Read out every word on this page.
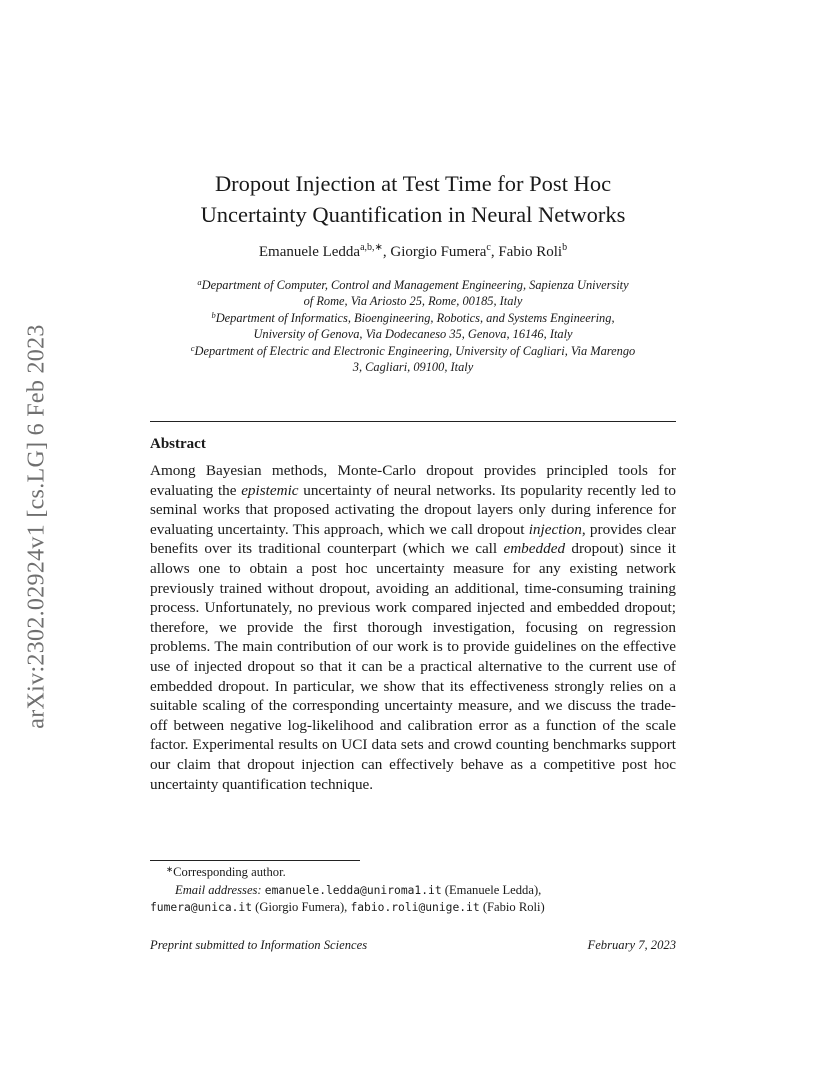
arXiv:2302.02924v1 [cs.LG] 6 Feb 2023
Dropout Injection at Test Time for Post Hoc
Uncertainty Quantification in Neural Networks
Emanuele Ledda$^{a,b,∗}$, Giorgio Fumera$^c$, Fabio Roli$^b$
$^a$Department of Computer, Control and Management Engineering, Sapienza University
of Rome, Via Ariosto 25, Rome, 00185, Italy
$^b$Department of Informatics, Bioengineering, Robotics, and Systems Engineering,
University of Genova, Via Dodecaneso 35, Genova, 16146, Italy
$^c$Department of Electric and Electronic Engineering, University of Cagliari, Via Marengo
3, Cagliari, 09100, Italy
Abstract
Among Bayesian methods, Monte-Carlo dropout provides principled tools for evaluating the epistemic uncertainty of neural networks. Its popularity recently led to seminal works that proposed activating the dropout layers only during inference for evaluating uncertainty. This approach, which we call dropout injection, provides clear benefits over its traditional counterpart (which we call embedded dropout) since it allows one to obtain a post hoc uncertainty measure for any existing network previously trained without dropout, avoiding an additional, time-consuming training process. Unfortunately, no previous work compared injected and embedded dropout; therefore, we provide the first thorough investigation, focusing on regression problems. The main contribution of our work is to provide guidelines on the effective use of injected dropout so that it can be a practical alternative to the current use of embedded dropout. In particular, we show that its effectiveness strongly relies on a suitable scaling of the corresponding uncertainty measure, and we discuss the trade-off between negative log-likelihood and calibration error as a function of the scale factor. Experimental results on UCI data sets and crowd counting benchmarks support our claim that dropout injection can effectively behave as a competitive post hoc uncertainty quantification technique.
∗Corresponding author.
Email addresses: emanuele.ledda@uniroma1.it (Emanuele Ledda),
fumera@unica.it (Giorgio Fumera), fabio.roli@unige.it (Fabio Roli)
Preprint submitted to Information Sciences	February 7, 2023
